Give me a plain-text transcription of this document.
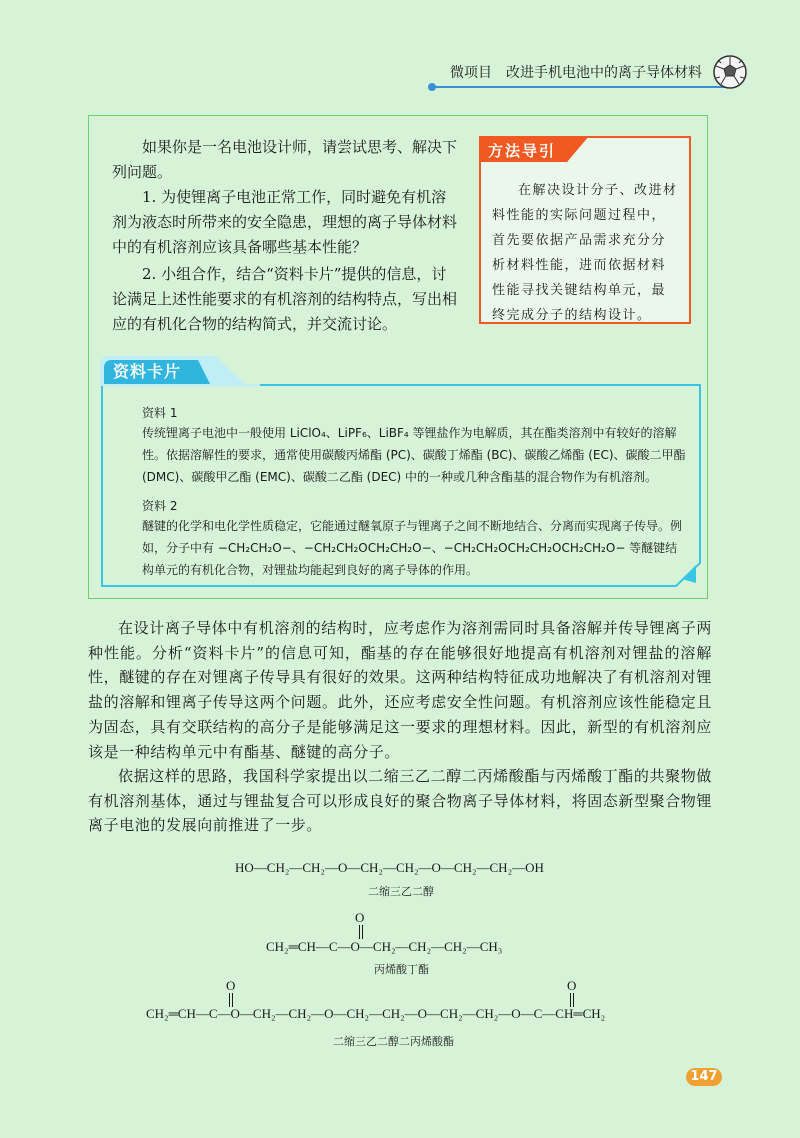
微项目　改进手机电池中的离子导体材料

如果你是一名电池设计师，请尝试思考、解决下列问题。

1. 为使锂离子电池正常工作，同时避免有机溶剂为液态时所带来的安全隐患，理想的离子导体材料中的有机溶剂应该具备哪些基本性能？

2. 小组合作，结合“资料卡片”提供的信息，讨论满足上述性能要求的有机溶剂的结构特点，写出相应的有机化合物的结构简式，并交流讨论。

方法导引

在解决设计分子、改进材料性能的实际问题过程中，首先要依据产品需求充分分析材料性能，进而依据材料性能寻找关键结构单元，最终完成分子的结构设计。

资料卡片
资料 1

传统锂离子电池中一般使用 LiClO₄、LiPF₆、LiBF₄ 等锂盐作为电解质，其在酯类溶剂中有较好的溶解性。依据溶解性的要求，通常使用碳酸丙烯酯 (PC)、碳酸丁烯酯 (BC)、碳酸乙烯酯 (EC)、碳酸二甲酯 (DMC)、碳酸甲乙酯 (EMC)、碳酸二乙酯 (DEC) 中的一种或几种含酯基的混合物作为有机溶剂。

资料 2

醚键的化学和电化学性质稳定，它能通过醚氧原子与锂离子之间不断地结合、分离而实现离子传导。例如，分子中有 −CH₂CH₂O−、−CH₂CH₂OCH₂CH₂O−、−CH₂CH₂OCH₂CH₂OCH₂CH₂O− 等醚键结构单元的有机化合物，对锂盐均能起到良好的离子导体的作用。

在设计离子导体中有机溶剂的结构时，应考虑作为溶剂需同时具备溶解并传导锂离子两种性能。分析“资料卡片”的信息可知，酯基的存在能够很好地提高有机溶剂对锂盐的溶解性，醚键的存在对锂离子传导具有很好的效果。这两种结构特征成功地解决了有机溶剂对锂盐的溶解和锂离子传导这两个问题。此外，还应考虑安全性问题。有机溶剂应该性能稳定且为固态，具有交联结构的高分子是能够满足这一要求的理想材料。因此，新型的有机溶剂应该是一种结构单元中有酯基、醚键的高分子。

依据这样的思路，我国科学家提出以二缩三乙二醇二丙烯酸酯与丙烯酸丁酯的共聚物做有机溶剂基体，通过与锂盐复合可以形成良好的聚合物离子导体材料，将固态新型聚合物锂离子电池的发展向前推进了一步。

HO—CH₂—CH₂—O—CH₂—CH₂—O—CH₂—CH₂—OH
二缩三乙二醇
O
CH₂═CH—C—O—CH₂—CH₂—CH₂—CH₃
丙烯酸丁酯
O	O
CH₂═CH—C—O—CH₂—CH₂—O—CH₂—CH₂—O—CH₂—CH₂—O—C—CH═CH₂
二缩三乙二醇二丙烯酸酯
147
